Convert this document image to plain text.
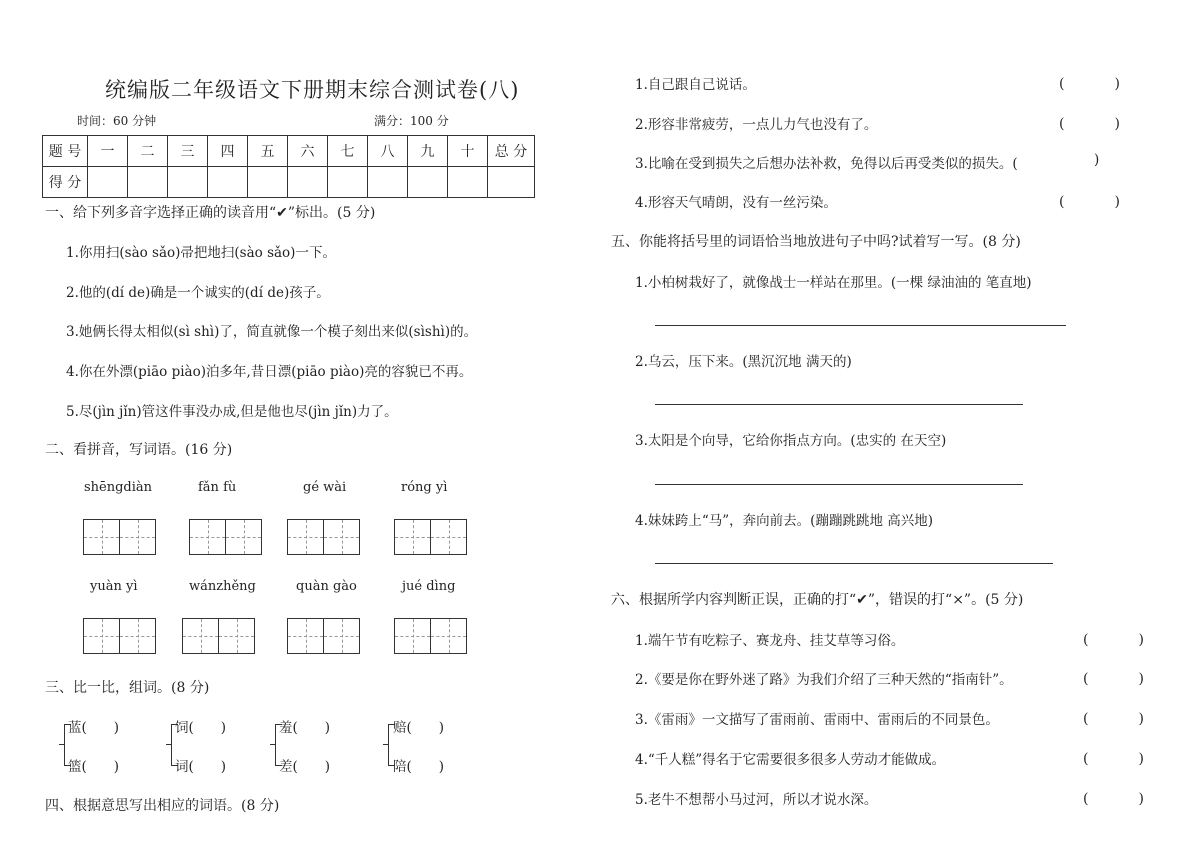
统编版二年级语文下册期末综合测试卷(八)
时间：60 分钟	满分：100 分
题 号	一	二	三	四	五	六	七	八	九	十	总 分
得 分											
一、给下列多音字选择正确的读音用“✔”标出。(5 分)
1.你用扫(sào sǎo)帚把地扫(sào sǎo)一下。
2.他的(dí de)确是一个诚实的(dí de)孩子。
3.她俩长得太相似(sì shì)了，简直就像一个模子刻出来似(sìshì)的。
4.你在外漂(piāo piào)泊多年,昔日漂(piāo piào)亮的容貌已不再。
5.尽(jìn jǐn)管这件事没办成,但是他也尽(jìn jǐn)力了。
二、看拼音，写词语。(16 分)
shēngdiàn	fǎn fù	gé wài	róng yì
yuàn yì	wánzhěng	quàn gào	jué dìng
三、比一比，组词。(8 分)
蓝(　　)
篮(　　)
饲(　　)
词(　　)
羞(　　)
差(　　)
赔(　　)
陪(　　)
四、根据意思写出相应的词语。(8 分)
1.自己跟自己说话。	(　)
2.形容非常疲劳，一点儿力气也没有了。	(　)
3.比喻在受到损失之后想办法补救，免得以后再受类似的损失。(	)
4.形容天气晴朗，没有一丝污染。	(　)
五、你能将括号里的词语恰当地放进句子中吗?试着写一写。(8 分)
1.小柏树栽好了，就像战士一样站在那里。(一棵 绿油油的 笔直地)
2.乌云，压下来。(黑沉沉地 满天的)
3.太阳是个向导，它给你指点方向。(忠实的 在天空)
4.妹妹跨上“马”，奔向前去。(蹦蹦跳跳地 高兴地)
六、根据所学内容判断正误，正确的打“✔”，错误的打“×”。(5 分)
1.端午节有吃粽子、赛龙舟、挂艾草等习俗。	(　)
2.《要是你在野外迷了路》为我们介绍了三种天然的“指南针”。	(　)
3.《雷雨》一文描写了雷雨前、雷雨中、雷雨后的不同景色。	(　)
4.“千人糕”得名于它需要很多很多人劳动才能做成。	(　)
5.老牛不想帮小马过河，所以才说水深。	(　)
